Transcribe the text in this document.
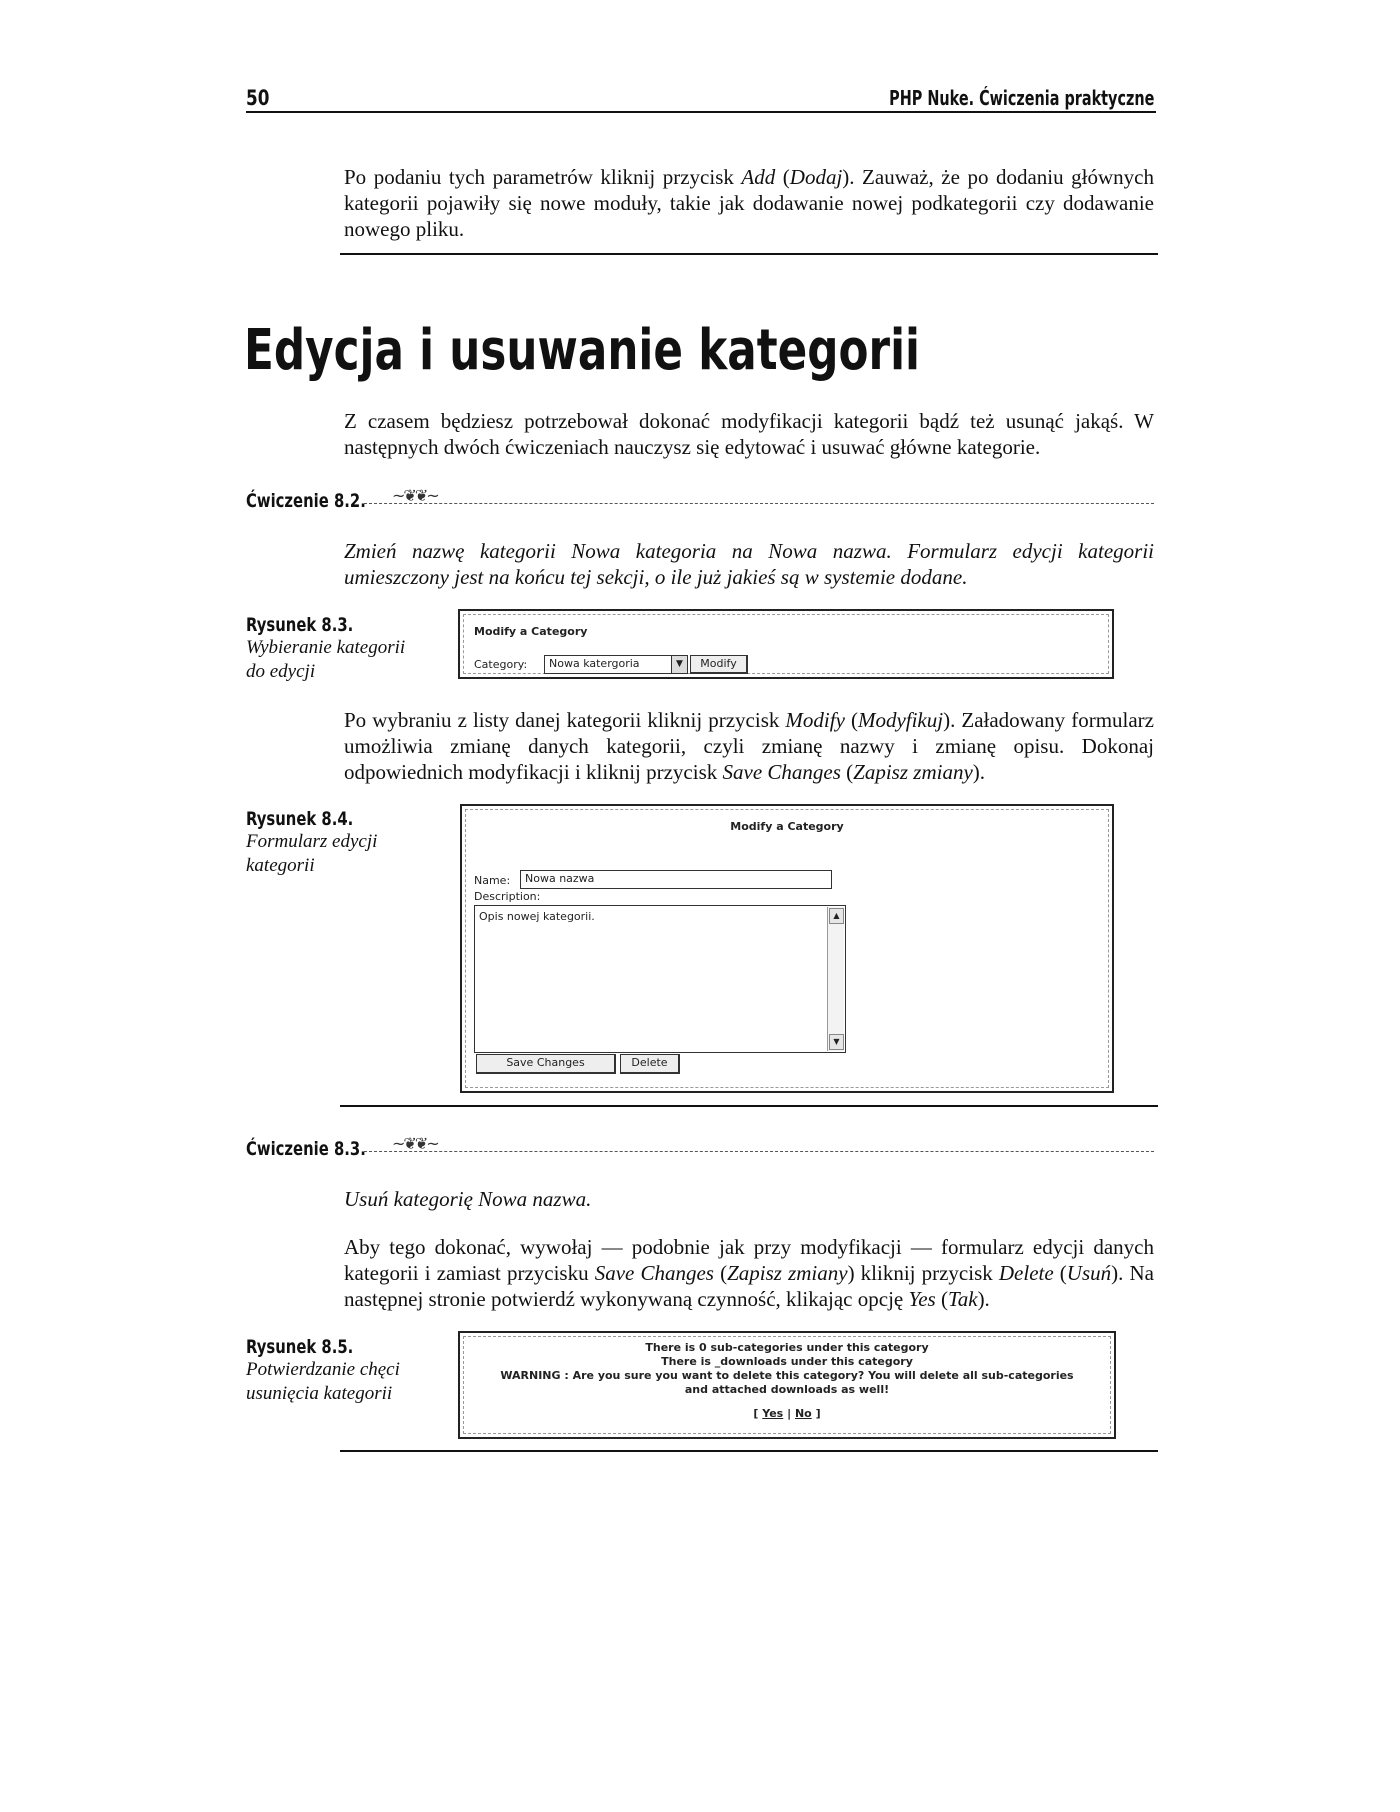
50	PHP Nuke. Ćwiczenia praktyczne
Po podaniu tych parametrów kliknij przycisk Add (Dodaj). Zauważ, że po dodaniu głównych kategorii pojawiły się nowe moduły, takie jak dodawanie nowej podkategorii czy dodawanie nowego pliku.
Edycja i usuwanie kategorii
Z czasem będziesz potrzebował dokonać modyfikacji kategorii bądź też usunąć jakąś. W następnych dwóch ćwiczeniach nauczysz się edytować i usuwać główne kategorie.
Ćwiczenie 8.2. ~❦❦~
Zmień nazwę kategorii Nowa kategoria na Nowa nazwa. Formularz edycji kategorii umieszczony jest na końcu tej sekcji, o ile już jakieś są w systemie dodane.
Rysunek 8.3.
Wybieranie kategorii do edycji
Modify a Category
Category:	Nowa katergoria	▼	Modify
Po wybraniu z listy danej kategorii kliknij przycisk Modify (Modyfikuj). Załadowany formularz umożliwia zmianę danych kategorii, czyli zmianę nazwy i zmianę opisu. Dokonaj odpowiednich modyfikacji i kliknij przycisk Save Changes (Zapisz zmiany).
Rysunek 8.4.
Formularz edycji kategorii
Modify a Category
Name:	Nowa nazwa
Description:
Opis nowej kategorii.	▲
▼
Save Changes	Delete
Ćwiczenie 8.3. ~❦❦~
Usuń kategorię Nowa nazwa.
Aby tego dokonać, wywołaj — podobnie jak przy modyfikacji — formularz edycji danych kategorii i zamiast przycisku Save Changes (Zapisz zmiany) kliknij przycisk Delete (Usuń). Na następnej stronie potwierdź wykonywaną czynność, klikając opcję Yes (Tak).
Rysunek 8.5.
Potwierdzanie chęci usunięcia kategorii
There is 0 sub-categories under this category
There is _downloads under this category
WARNING : Are you sure you want to delete this category? You will delete all sub-categories
and attached downloads as well!
[ Yes | No ]
